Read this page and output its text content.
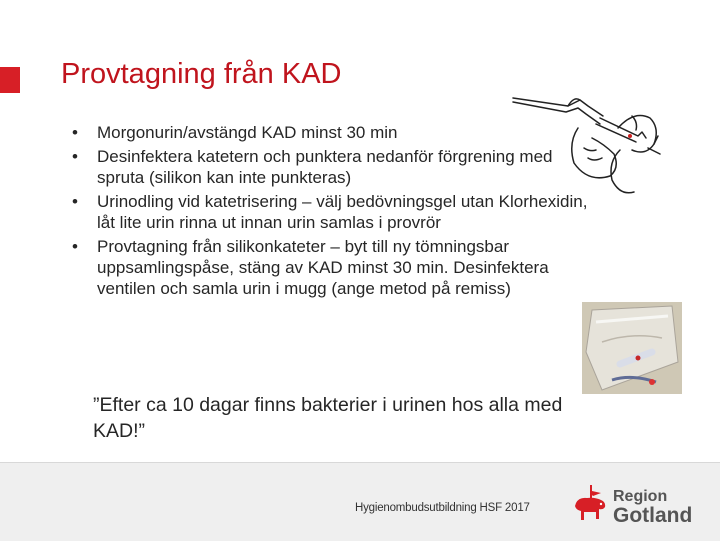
Provtagning från KAD
• Morgonurin/avstängd KAD minst 30 min
• Desinfektera katetern och punktera nedanför förgrening med spruta (silikon kan inte punkteras)
• Urinodling vid katetrisering – välj bedövningsgel utan Klorhexidin, låt lite urin rinna ut innan urin samlas i provrör
• Provtagning från silikonkateter – byt till ny tömningsbar uppsamlingspåse, stäng av KAD minst 30 min. Desinfektera ventilen och samla urin i mugg (ange metod på remiss)
”Efter ca 10 dagar finns bakterier i urinen hos alla med KAD!”
Hygienombudsutbildning HSF 2017
Region
Gotland
